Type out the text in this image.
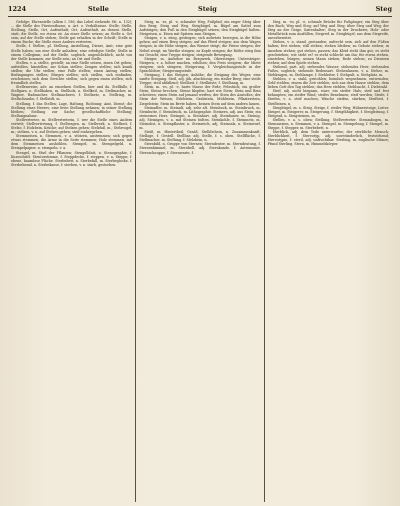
1224	Stelle	Steig	Steg

Gefolge; Ehrenstelle (allein I. 196; das Lebel stehende Stt. n. 132); ... die Stelle des Fürstenthums; u. Art. o. Verhältnisse. Stelle; Stelle, Stellung, Stelle, Ort, Aufenthalt; Ort, Aufenthalt, an dessen Stelle, statt; die Stelle, wo etwas ist. An einer Stelle setzen; an Stelle u. Ort sein; auf der Stelle stehen; Stelle gut erhalten in der Schrift; Stelle in einem Buche; die Stelle eines Andern vertreten.

Stelle, f. Stellen, pl. Stellung, Anstellung, Dienst, Amt; eine gute Stelle haben; um eine Stelle anhalten; eine erledigte Stelle; Stelle in einem Collegium; auf der Stelle, sogleich, augenblicklich; nicht von der Stelle kommen; zur Stelle sein; an Ort und Stelle.

Stellen, v. a. stellte, gestellt; an eine Stelle setzen, einen Ort geben; aufstellen, hinstellen; zur Schau stellen; Zeugen stellen; sich krank stellen; die Uhr stellen; eine Falle stellen; einen Antrag stellen; Bedingungen stellen; Bürgen stellen; sich stellen, sich einfinden, erscheinen; sich dem Gerichte stellen; sich gegen einen stellen; sich freundlich stellen.

Stellenweise, adv. an einzelnen Stellen, hier und da. Stellfalle, f. Stellgarn, n. Stellhaken, m. Stellholz, n. Stellkeil, m. Stellmacher, m. Wagner, Radmacher. Stellmacherei, f. Stellnetz, n. Stellring, m. Stellschraube, f. Stellstift, m.

Stellung, f. das Stellen; Lage, Haltung, Richtung; Amt, Dienst; die Stellung eines Heeres; eine feste Stellung nehmen; in seiner Stellung bleiben; Stellung zur Sache; gesellschaftliche Stellung; Stellungnahme.

Stellvertreter, m. Stellvertreterin, f. wer die Stelle eines Andern vertritt; Stellvertretung, f. Stellwagen, m. Stellwerk, n. Stellzeit, f. Stelze, f. Holzbein, Krücke; auf Stelzen gehen; Stelzfuß, m.; Stelzvogel, m.; stelzen, v. n. auf Stelzen gehen; steif einhergehen.

Stemmeisen, n. Stemmen, v. a. stützen, anstemmen; sich gegen etwas stemmen; die Arme in die Seite stemmen; Holz stemmen, mit dem Stemmeisen aushöhlen. Stempel, m. Stempelgeld, n. Stempelpapier, n. stempeln, v. a.

Stengel, m. Stiel der Pflanzen; Stengelblatt, n. Stenographie, f. Kurzschrift. Stentorstimme, f. Steppdecke, f. steppen, v. a. Steppe, f. ebene, baumlose Fläche. Sterbebett, n. Sterbefall, m. Sterbeglocke, f. Sterbehemd, n. Sterbekasse, f. sterben, v. n. starb, gestorben.

Steig, m. -es, pl. -e, schmaler Weg, Fußpfad; ein enger Steig über den Berg; Steig und Weg. Steigbügel, m. Bügel am Sattel zum Aufsteigen; den Fuß in den Steigbügel setzen; den Steigbügel halten. Steigeisen, n. Eisen mit Spitzen zum Steigen.

Steigen, v. n. stieg, gestiegen; sich aufwärts bewegen, in die Höhe gehen; auf einen Berg steigen; auf das Pferd steigen; aus dem Wagen steigen; in die Höhe steigen; das Wasser steigt; die Preise steigen; der Nebel steigt; im Werthe steigen; zu Kopfe steigen; die Röthe stieg ihm ins Gesicht; eine Treppe steigen; steigende Bewegung.

Steiger, m. Aufseher im Bergwerk, Obersteiger, Untersteiger. Steigern, v. a. höher machen, erhöhen; den Preis steigern; die Miete steigern; sich steigern; Steigerung, f. Vergleichungsstufe in der Sprachlehre; Steigerungsstufe.

Steigung, f. das Steigen; Anhöhe; die Steigung des Weges; eine sanfte Steigung. Steil, adj. jäh, abschüssig; ein steiler Berg; eine steile Treppe; steil abfallend; Steilheit, f. Steilküste, f. Steilhang, m.

Stein, m. -es, pl. -e, harte Masse der Erde; Felsstück; ein großer Stein; Steine brechen; Steine klopfen; hart wie Stein; Stein und Bein schwören; einen Stein auf jemand werfen; der Stein des Anstoßes; der Stein der Weisen; Edelstein, Grabstein, Mühlstein, Pflasterstein, Ziegelstein; Stein im Brete haben; keinen Stein auf dem andern lassen.

Steinadler, m. Steinalt, adj. sehr alt. Steinbock, m. Steinbruch, m. Steinbutte, f. Steindruck, m. Lithographie. Steinern, adj. aus Stein; ein steinernes Herz. Steingut, n. Steinhart, adj. Steinhauer, m. Steinig, adj. Steinigen, v. a. mit Steinen tödten. Steinkohle, f. Steinmetz, m. Steinobst, n. Steinpflaster, n. Steinreich, adj. Steinsalz, n. Steinwurf, m.

Steiß, m. Hintertheil, Gesäß. Stelldichein, n. Zusammenkunft. Stellage, f. Gestell. Stellbar, adj. Stelle, f. s. oben. Stellfläche, f. Stellmacher, m. Stellung, f. Stelzbein, n.

Sternbild, n. Gruppe von Sternen; Sterndeuter, m. Sterndeutung, f. Sternenhimmel, m. Sternhell, adj. Sternkunde, f. Astronomie. Sternschnuppe, f. Sternwarte, f.

Steg, m. -es, pl. -e, schmale Brücke für Fußgänger; ein Steg über den Bach; Weg und Steg; auf Weg und Steg; über Steg und Weg; der Steg an der Geige, Saitenhalter; Steg in der Druckerei, Holz- oder Metallstück zum Ausfüllen; Stegreif, m. Steigbügel; aus dem Stegreife, unvorbereitet.

Stehen, v. n. stand, gestanden; aufrecht sein, sich auf den Füßen halten; fest stehen; still stehen; stehen bleiben; zu Gebote stehen; in Ansehen stehen; gut stehen, passen; das Kleid steht ihm gut; es steht geschrieben; wie steht es? es steht schlecht um ihn; für etwas stehen, einstehen, bürgen; seinen Mann stehen; Rede stehen; zu Diensten stehen; auf dem Spiele stehen.

Stehend, part. adj. stehendes Wasser; stehendes Heer; stehenden Fußes, sogleich; stehende Redensart. Stehenlassen, v. a. Steher, m. Stehkragen, m. Stehlampe, f. Stehleiter, f. Stehpult, n. Stehplatz, m.

Stehlen, v. a. stahl, gestohlen; heimlich wegnehmen, entwenden; Geld stehlen; einem die Zeit stehlen; sich aus dem Hause stehlen; dem lieben Gott den Tag stehlen; das Herz stehlen; Stehlsucht, f. Diebstahl.

Steif, adj. nicht biegsam, starr; ein steifer Hals; steif und fest behaupten; ein steifer Wind; steifes Benehmen; steif werden; Steife, f. Steifen, v. a. steif machen; Wäsche steifen, stärken; Steifheit, f. Steifleinen, n.

Steigbügel, m. s. Steig. Steige, f. steiler Weg; Hühnersteige, Leiter. Steiger, m. Steigerer, m. Steigerung, f. Steigfähigkeit, f. Steigleitung, f. Steigrad, n. Steigriemen, m.

Stellen, v. a. s. oben; Stellung, Stellvertreter. Stemmbogen, m. Stemmeisen, n. Stemmen, v. a. Stempel, m. Stempelung, f. Stengel, m. Steppe, f. Stepper, m. Sterbebett, n.

Sterblich, adj. dem Tode unterworfen; der sterbliche Mensch; Sterblichkeit, f. Stereotyp, adj. unveränderlich, feststehend; Stereotypie, f. steril, adj. unfruchtbar. Sterling, m. englische Münze; Pfund Sterling. Stern, m. Himmelskörper.
